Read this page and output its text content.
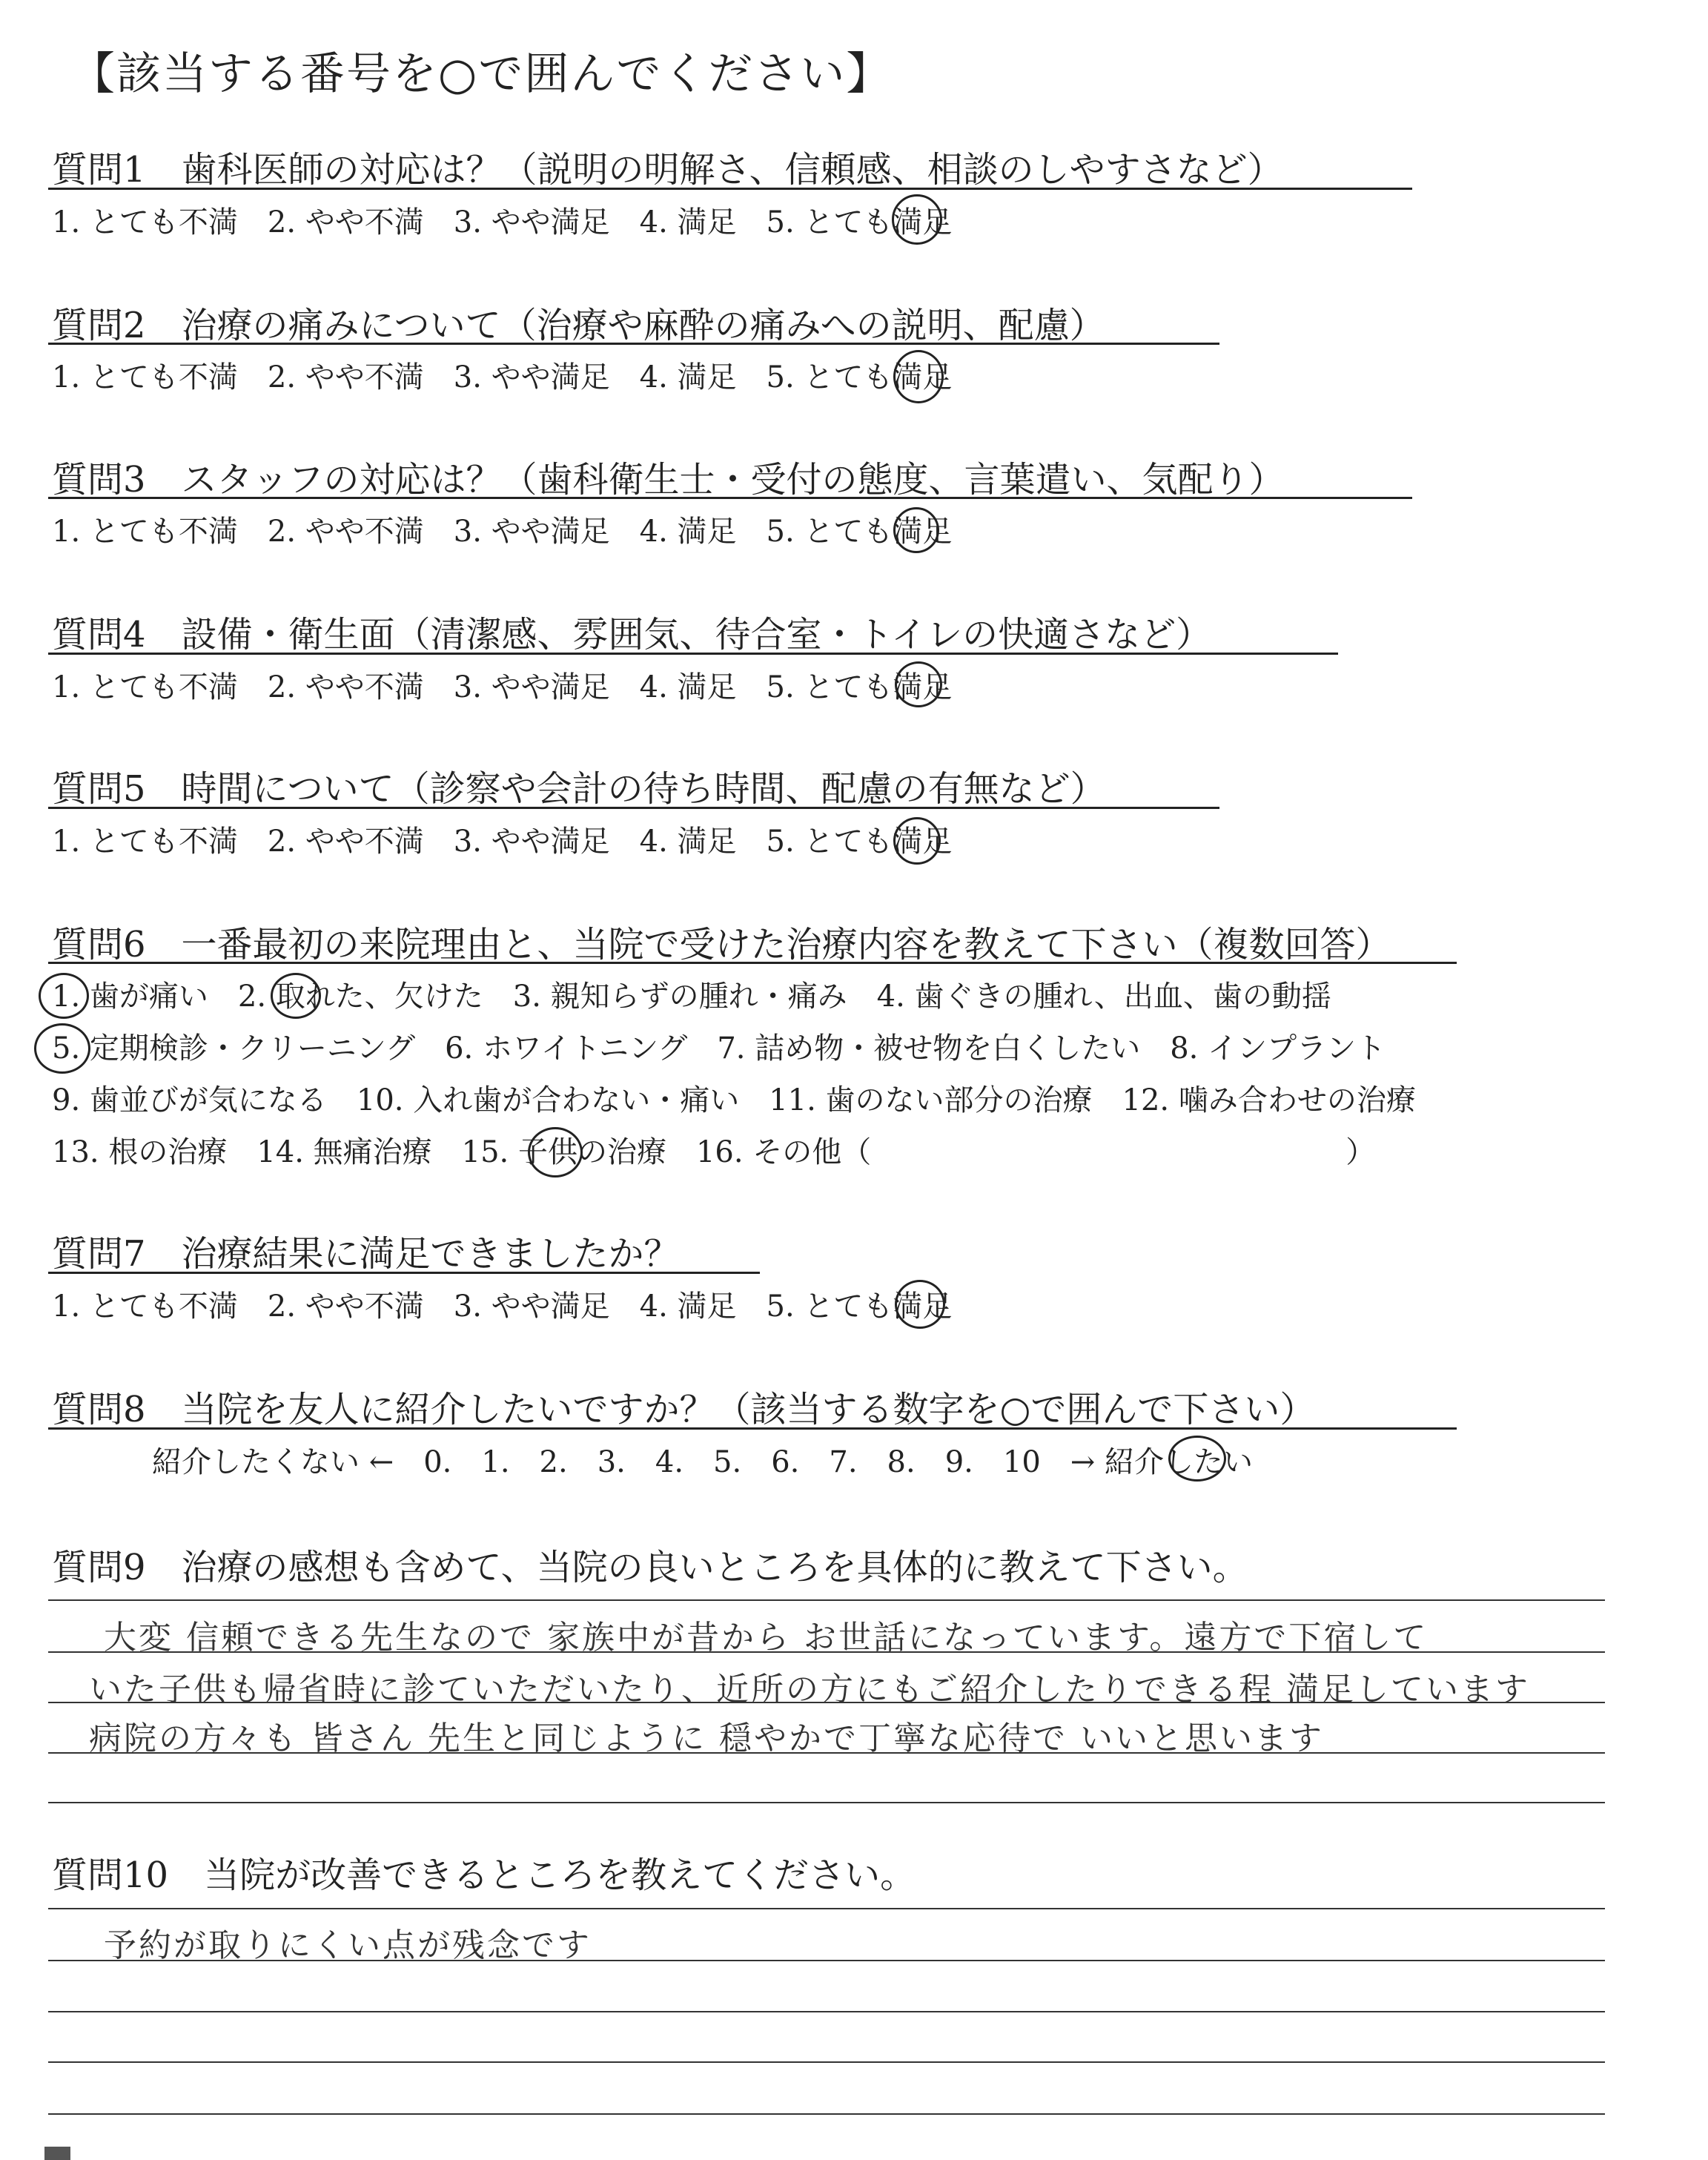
【該当する番号を○で囲んでください】
質問1　歯科医師の対応は？（説明の明解さ、信頼感、相談のしやすさなど）
1. とても不満　2. やや不満　3. やや満足　4. 満足　5. とても満足
質問2　治療の痛みについて（治療や麻酔の痛みへの説明、配慮）
1. とても不満　2. やや不満　3. やや満足　4. 満足　5. とても満足
質問3　スタッフの対応は？（歯科衛生士・受付の態度、言葉遣い、気配り）
1. とても不満　2. やや不満　3. やや満足　4. 満足　5. とても満足
質問4　設備・衛生面（清潔感、雰囲気、待合室・トイレの快適さなど）
1. とても不満　2. やや不満　3. やや満足　4. 満足　5. とても満足
質問5　時間について（診察や会計の待ち時間、配慮の有無など）
1. とても不満　2. やや不満　3. やや満足　4. 満足　5. とても満足
質問6　一番最初の来院理由と、当院で受けた治療内容を教えて下さい（複数回答）
1. 歯が痛い　2. 取れた、欠けた　3. 親知らずの腫れ・痛み　4. 歯ぐきの腫れ、出血、歯の動揺
5. 定期検診・クリーニング　6. ホワイトニング　7. 詰め物・被せ物を白くしたい　8. インプラント
9. 歯並びが気になる　10. 入れ歯が合わない・痛い　11. 歯のない部分の治療　12. 噛み合わせの治療
13. 根の治療　14. 無痛治療　15. 子供の治療　16. その他（　　　　　　　　　　　　　　　　）
質問7　治療結果に満足できましたか？
1. とても不満　2. やや不満　3. やや満足　4. 満足　5. とても満足
質問8　当院を友人に紹介したいですか？（該当する数字を○で囲んで下さい）
紹介したくない ←　0.　1.　2.　3.　4.　5.　6.　7.　8.　9.　10　→ 紹介したい
質問9　治療の感想も含めて、当院の良いところを具体的に教えて下さい。
大変 信頼できる先生なので 家族中が昔から お世話になっています。遠方で下宿して
いた子供も帰省時に診ていただいたり、近所の方にもご紹介したりできる程 満足しています
病院の方々も 皆さん 先生と同じように 穏やかで丁寧な応待で いいと思います
質問10　当院が改善できるところを教えてください。
予約が取りにくい点が残念です
